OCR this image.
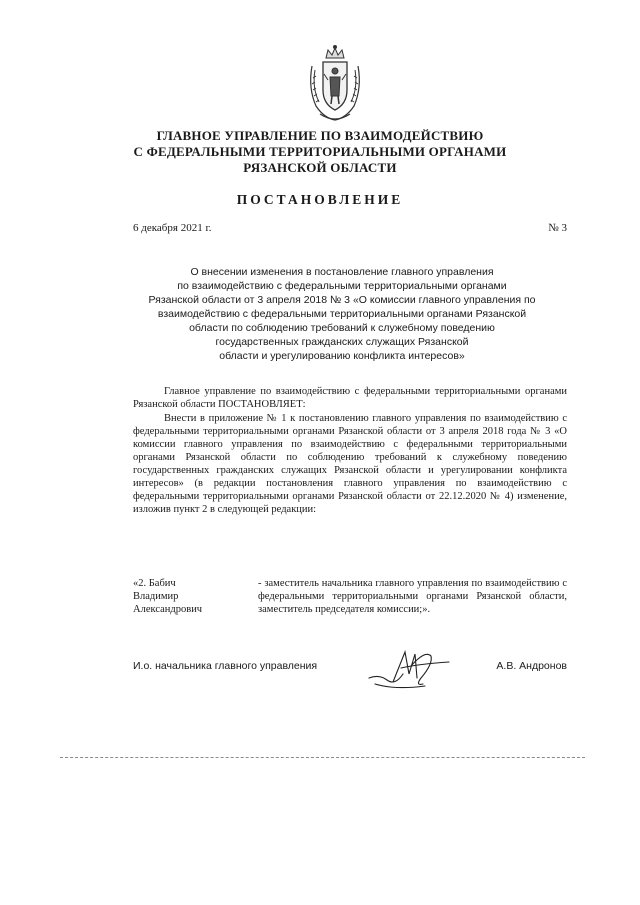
ГЛАВНОЕ УПРАВЛЕНИЕ ПО ВЗАИМОДЕЙСТВИЮ
С ФЕДЕРАЛЬНЫМИ ТЕРРИТОРИАЛЬНЫМИ ОРГАНАМИ
РЯЗАНСКОЙ ОБЛАСТИ
ПОСТАНОВЛЕНИЕ
6 декабря 2021 г.	№ 3
О внесении изменения в постановление главного управления
по взаимодействию с федеральными территориальными органами
Рязанской области от 3 апреля 2018 № 3 «О комиссии главного управления по
взаимодействию с федеральными территориальными органами Рязанской
области по соблюдению требований к служебному поведению
государственных гражданских служащих Рязанской
области и урегулированию конфликта интересов»

Главное управление по взаимодействию с федеральными территориальными органами Рязанской области ПОСТАНОВЛЯЕТ:

Внести в приложение № 1 к постановлению главного управления по взаимодействию с федеральными территориальными органами Рязанской области от 3 апреля 2018 года № 3 «О комиссии главного управления по взаимодействию с федеральными территориальными органами Рязанской области по соблюдению требований к служебному поведению государственных гражданских служащих Рязанской области и урегулировании конфликта интересов» (в редакции постановления главного управления по взаимодействию с федеральными территориальными органами Рязанской области от 22.12.2020 № 4) изменение, изложив пункт 2 в следующей редакции:

«2. Бабич
Владимир
Александрович
- заместитель начальника главного управления по взаимодействию с федеральными территориальными органами Рязанской области, заместитель председателя комиссии;».
И.о. начальника главного управления	А.В. Андронов
